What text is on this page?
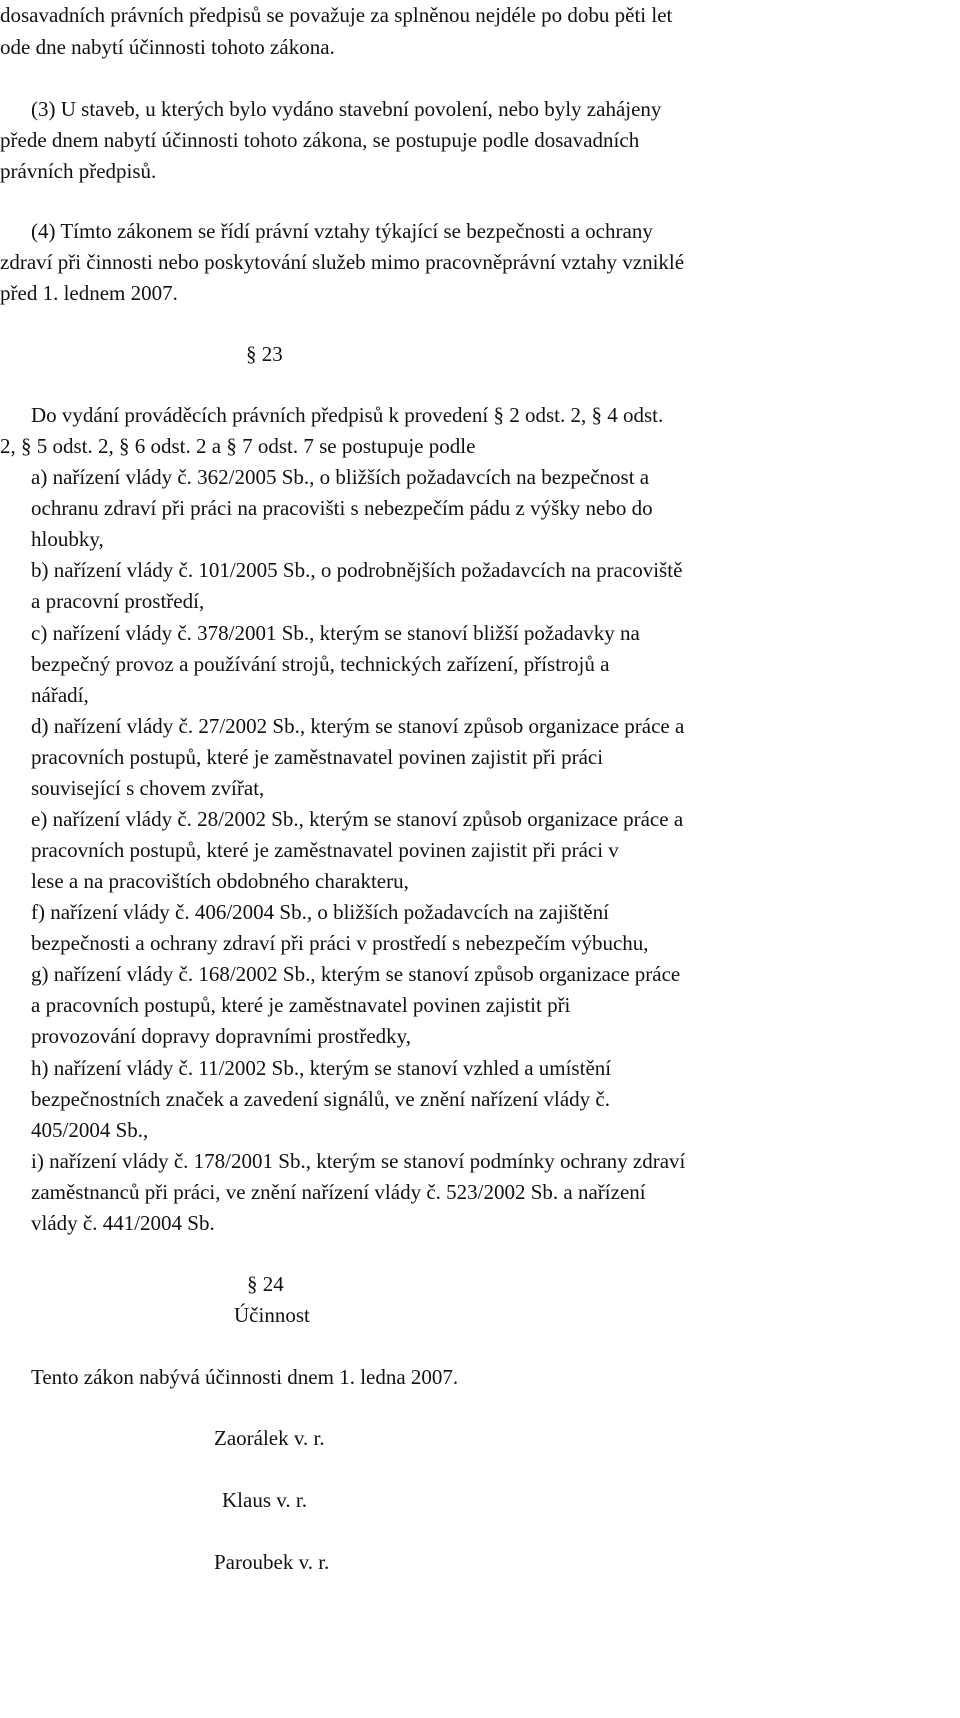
dosavadních právních předpisů se považuje za splněnou nejdéle po dobu pěti let
ode dne nabytí účinnosti tohoto zákona.
(3) U staveb, u kterých bylo vydáno stavební povolení, nebo byly zahájeny
přede dnem nabytí účinnosti tohoto zákona, se postupuje podle dosavadních
právních předpisů.
(4) Tímto zákonem se řídí právní vztahy týkající se bezpečnosti a ochrany
zdraví při činnosti nebo poskytování služeb mimo pracovněprávní vztahy vzniklé
před 1. lednem 2007.
§ 23
Do vydání prováděcích právních předpisů k provedení § 2 odst. 2, § 4 odst.
2, § 5 odst. 2, § 6 odst. 2 a § 7 odst. 7 se postupuje podle
a) nařízení vlády č. 362/2005 Sb., o bližších požadavcích na bezpečnost a
ochranu zdraví při práci na pracovišti s nebezpečím pádu z výšky nebo do
hloubky,
b) nařízení vlády č. 101/2005 Sb., o podrobnějších požadavcích na pracoviště
a pracovní prostředí,
c) nařízení vlády č. 378/2001 Sb., kterým se stanoví bližší požadavky na
bezpečný provoz a používání strojů, technických zařízení, přístrojů a
nářadí,
d) nařízení vlády č. 27/2002 Sb., kterým se stanoví způsob organizace práce a
pracovních postupů, které je zaměstnavatel povinen zajistit při práci
související s chovem zvířat,
e) nařízení vlády č. 28/2002 Sb., kterým se stanoví způsob organizace práce a
pracovních postupů, které je zaměstnavatel povinen zajistit při práci v
lese a na pracovištích obdobného charakteru,
f) nařízení vlády č. 406/2004 Sb., o bližších požadavcích na zajištění
bezpečnosti a ochrany zdraví při práci v prostředí s nebezpečím výbuchu,
g) nařízení vlády č. 168/2002 Sb., kterým se stanoví způsob organizace práce
a pracovních postupů, které je zaměstnavatel povinen zajistit při
provozování dopravy dopravními prostředky,
h) nařízení vlády č. 11/2002 Sb., kterým se stanoví vzhled a umístění
bezpečnostních značek a zavedení signálů, ve znění nařízení vlády č.
405/2004 Sb.,
i) nařízení vlády č. 178/2001 Sb., kterým se stanoví podmínky ochrany zdraví
zaměstnanců při práci, ve znění nařízení vlády č. 523/2002 Sb. a nařízení
vlády č. 441/2004 Sb.
§ 24
Účinnost
Tento zákon nabývá účinnosti dnem 1. ledna 2007.
Zaorálek v. r.
Klaus v. r.
Paroubek v. r.
